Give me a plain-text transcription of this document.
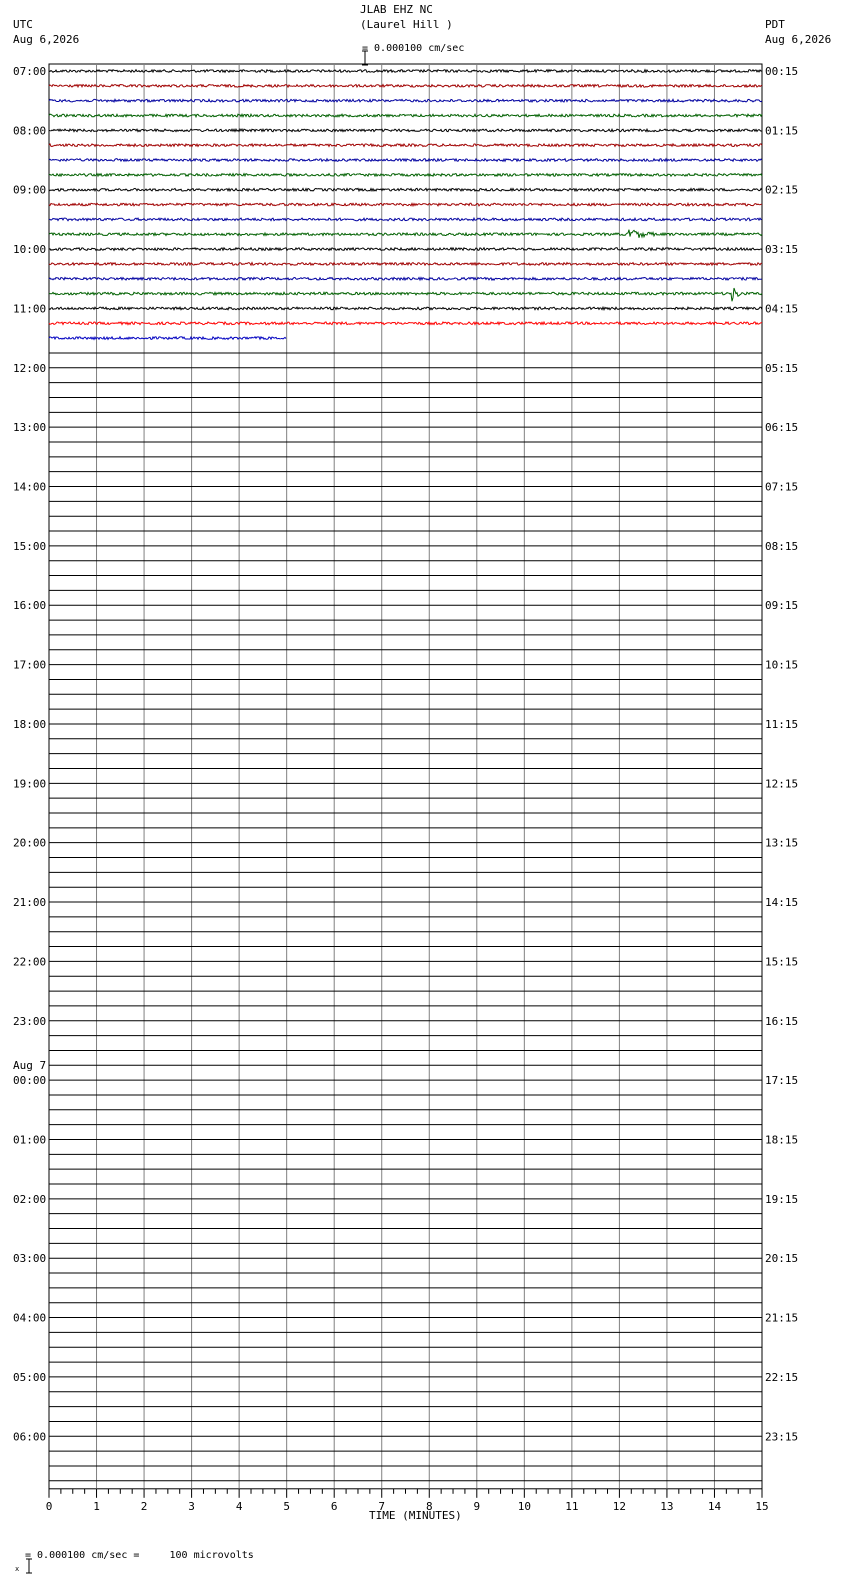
UTC
Aug 6,2026
JLAB EHZ NC
(Laurel Hill )

= 0.000100 cm/sec
PDT
Aug 6,2026
07:00	00:15
08:00	01:15
09:00	02:15
10:00	03:15
11:00	04:15
12:00	05:15
13:00	06:15
14:00	07:15
15:00	08:15
16:00	09:15
17:00	10:15
18:00	11:15
19:00	12:15
20:00	13:15
21:00	14:15
22:00	15:15
23:00	16:15
00:00	17:15
01:00	18:15
02:00	19:15
03:00	20:15
04:00	21:15
05:00	22:15
06:00	23:15
Aug 7
0	1	2	3	4	5	6	7	8	9	10	11	12	13	14	15
TIME (MINUTES)

x

= 0.000100 cm/sec =     100 microvolts
